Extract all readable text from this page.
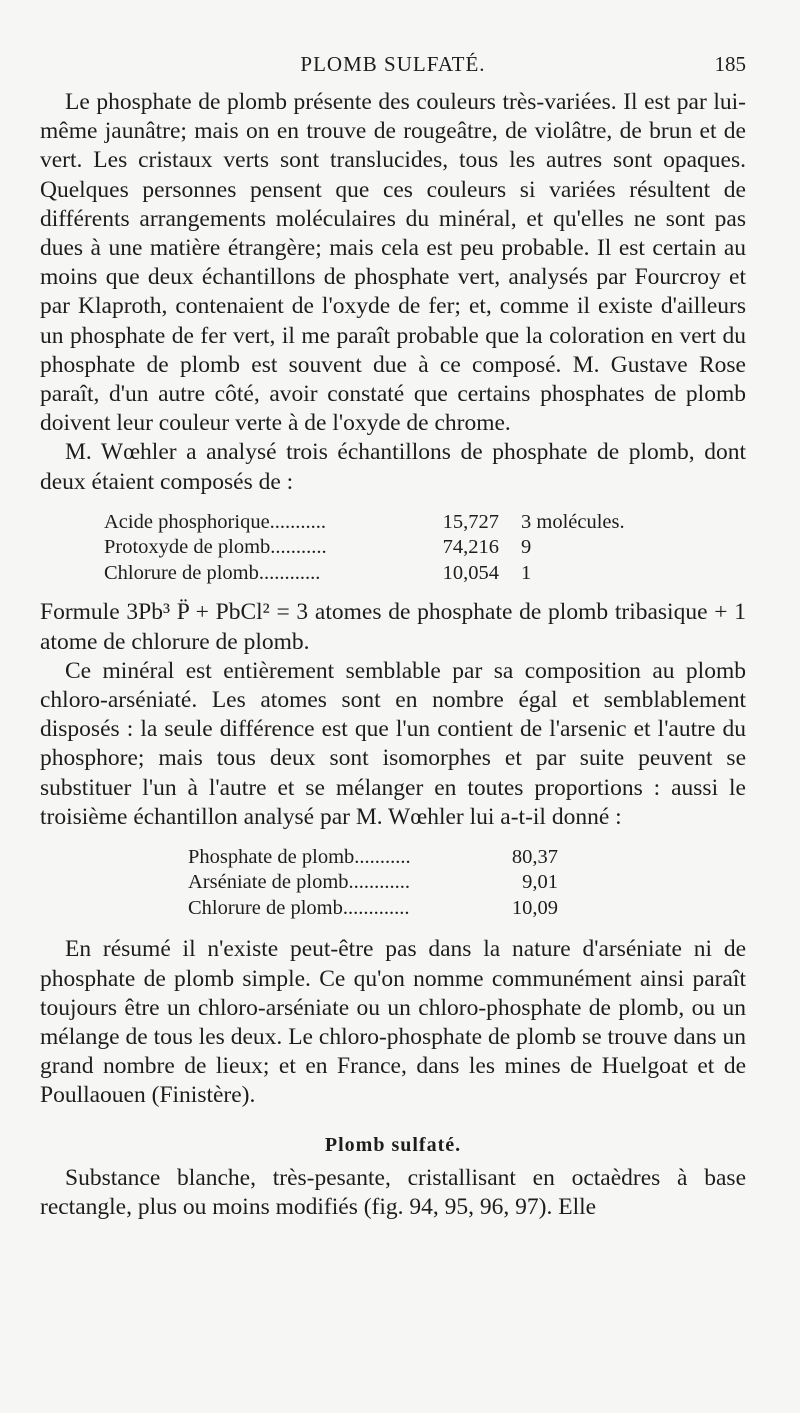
PLOMB SULFATÉ.	185

Le phosphate de plomb présente des couleurs très-variées. Il est par lui-même jaunâtre; mais on en trouve de rougeâtre, de violâtre, de brun et de vert. Les cristaux verts sont translucides, tous les autres sont opaques. Quelques personnes pensent que ces couleurs si variées résultent de différents arrangements moléculaires du minéral, et qu'elles ne sont pas dues à une matière étrangère; mais cela est peu probable. Il est certain au moins que deux échantillons de phosphate vert, analysés par Fourcroy et par Klaproth, contenaient de l'oxyde de fer; et, comme il existe d'ailleurs un phosphate de fer vert, il me paraît probable que la coloration en vert du phosphate de plomb est souvent due à ce composé. M. Gustave Rose paraît, d'un autre côté, avoir constaté que certains phosphates de plomb doivent leur couleur verte à de l'oxyde de chrome.

M. Wœhler a analysé trois échantillons de phosphate de plomb, dont deux étaient composés de :

Acide phosphorique...........	15,727	3 molécules.
Protoxyde de plomb...........	74,216	9
Chlorure de plomb............	10,054	1

Formule 3Pb³ P̈ + PbCl² = 3 atomes de phosphate de plomb tribasique + 1 atome de chlorure de plomb.

Ce minéral est entièrement semblable par sa composition au plomb chloro-arséniaté. Les atomes sont en nombre égal et semblablement disposés : la seule différence est que l'un contient de l'arsenic et l'autre du phosphore; mais tous deux sont isomorphes et par suite peuvent se substituer l'un à l'autre et se mélanger en toutes proportions : aussi le troisième échantillon analysé par M. Wœhler lui a-t-il donné :

Phosphate de plomb...........	80,37
Arséniate de plomb............	9,01
Chlorure de plomb.............	10,09

En résumé il n'existe peut-être pas dans la nature d'arséniate ni de phosphate de plomb simple. Ce qu'on nomme communément ainsi paraît toujours être un chloro-arséniate ou un chloro-phosphate de plomb, ou un mélange de tous les deux. Le chloro-phosphate de plomb se trouve dans un grand nombre de lieux; et en France, dans les mines de Huelgoat et de Poullaouen (Finistère).

Plomb sulfaté.

Substance blanche, très-pesante, cristallisant en octaèdres à base rectangle, plus ou moins modifiés (fig. 94, 95, 96, 97). Elle
